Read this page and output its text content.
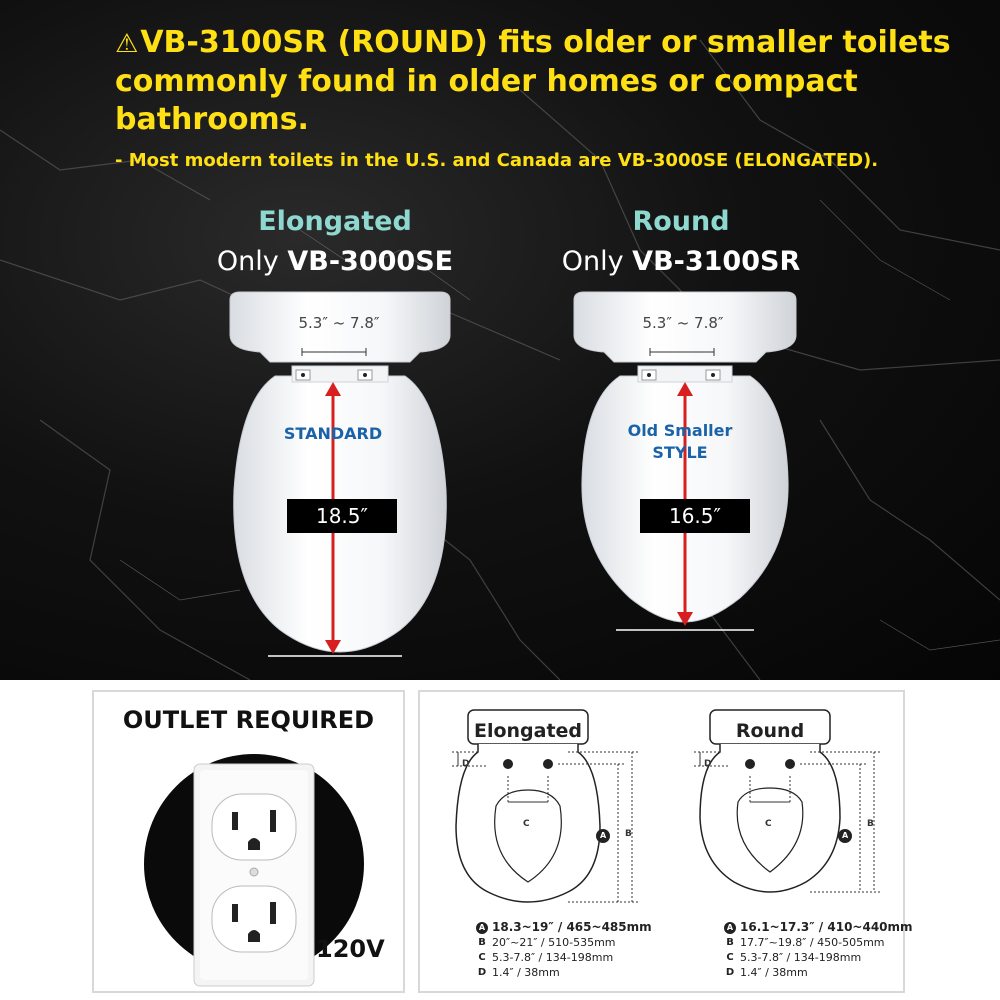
⚠VB-3100SR (ROUND) fits older or smaller toilets commonly found in older homes or compact bathrooms.
- Most modern toilets in the U.S. and Canada are VB-3000SE (ELONGATED).
Elongated
Only VB-3000SE
Round
Only VB-3100SR
5.3″ ~ 7.8″
STANDARD
18.5″
5.3″ ~ 7.8″
Old Smaller
STYLE
16.5″
OUTLET REQUIRED
120V
Elongated
D
C
A B
A 18.3~19″ / 465~485mm
B 20″~21″ / 510-535mm
C 5.3-7.8″ / 134-198mm
D 1.4″ / 38mm
Round
D
C
A
B
A 16.1~17.3″ / 410~440mm
B 17.7″~19.8″ / 450-505mm
C 5.3-7.8″ / 134-198mm
D 1.4″ / 38mm
